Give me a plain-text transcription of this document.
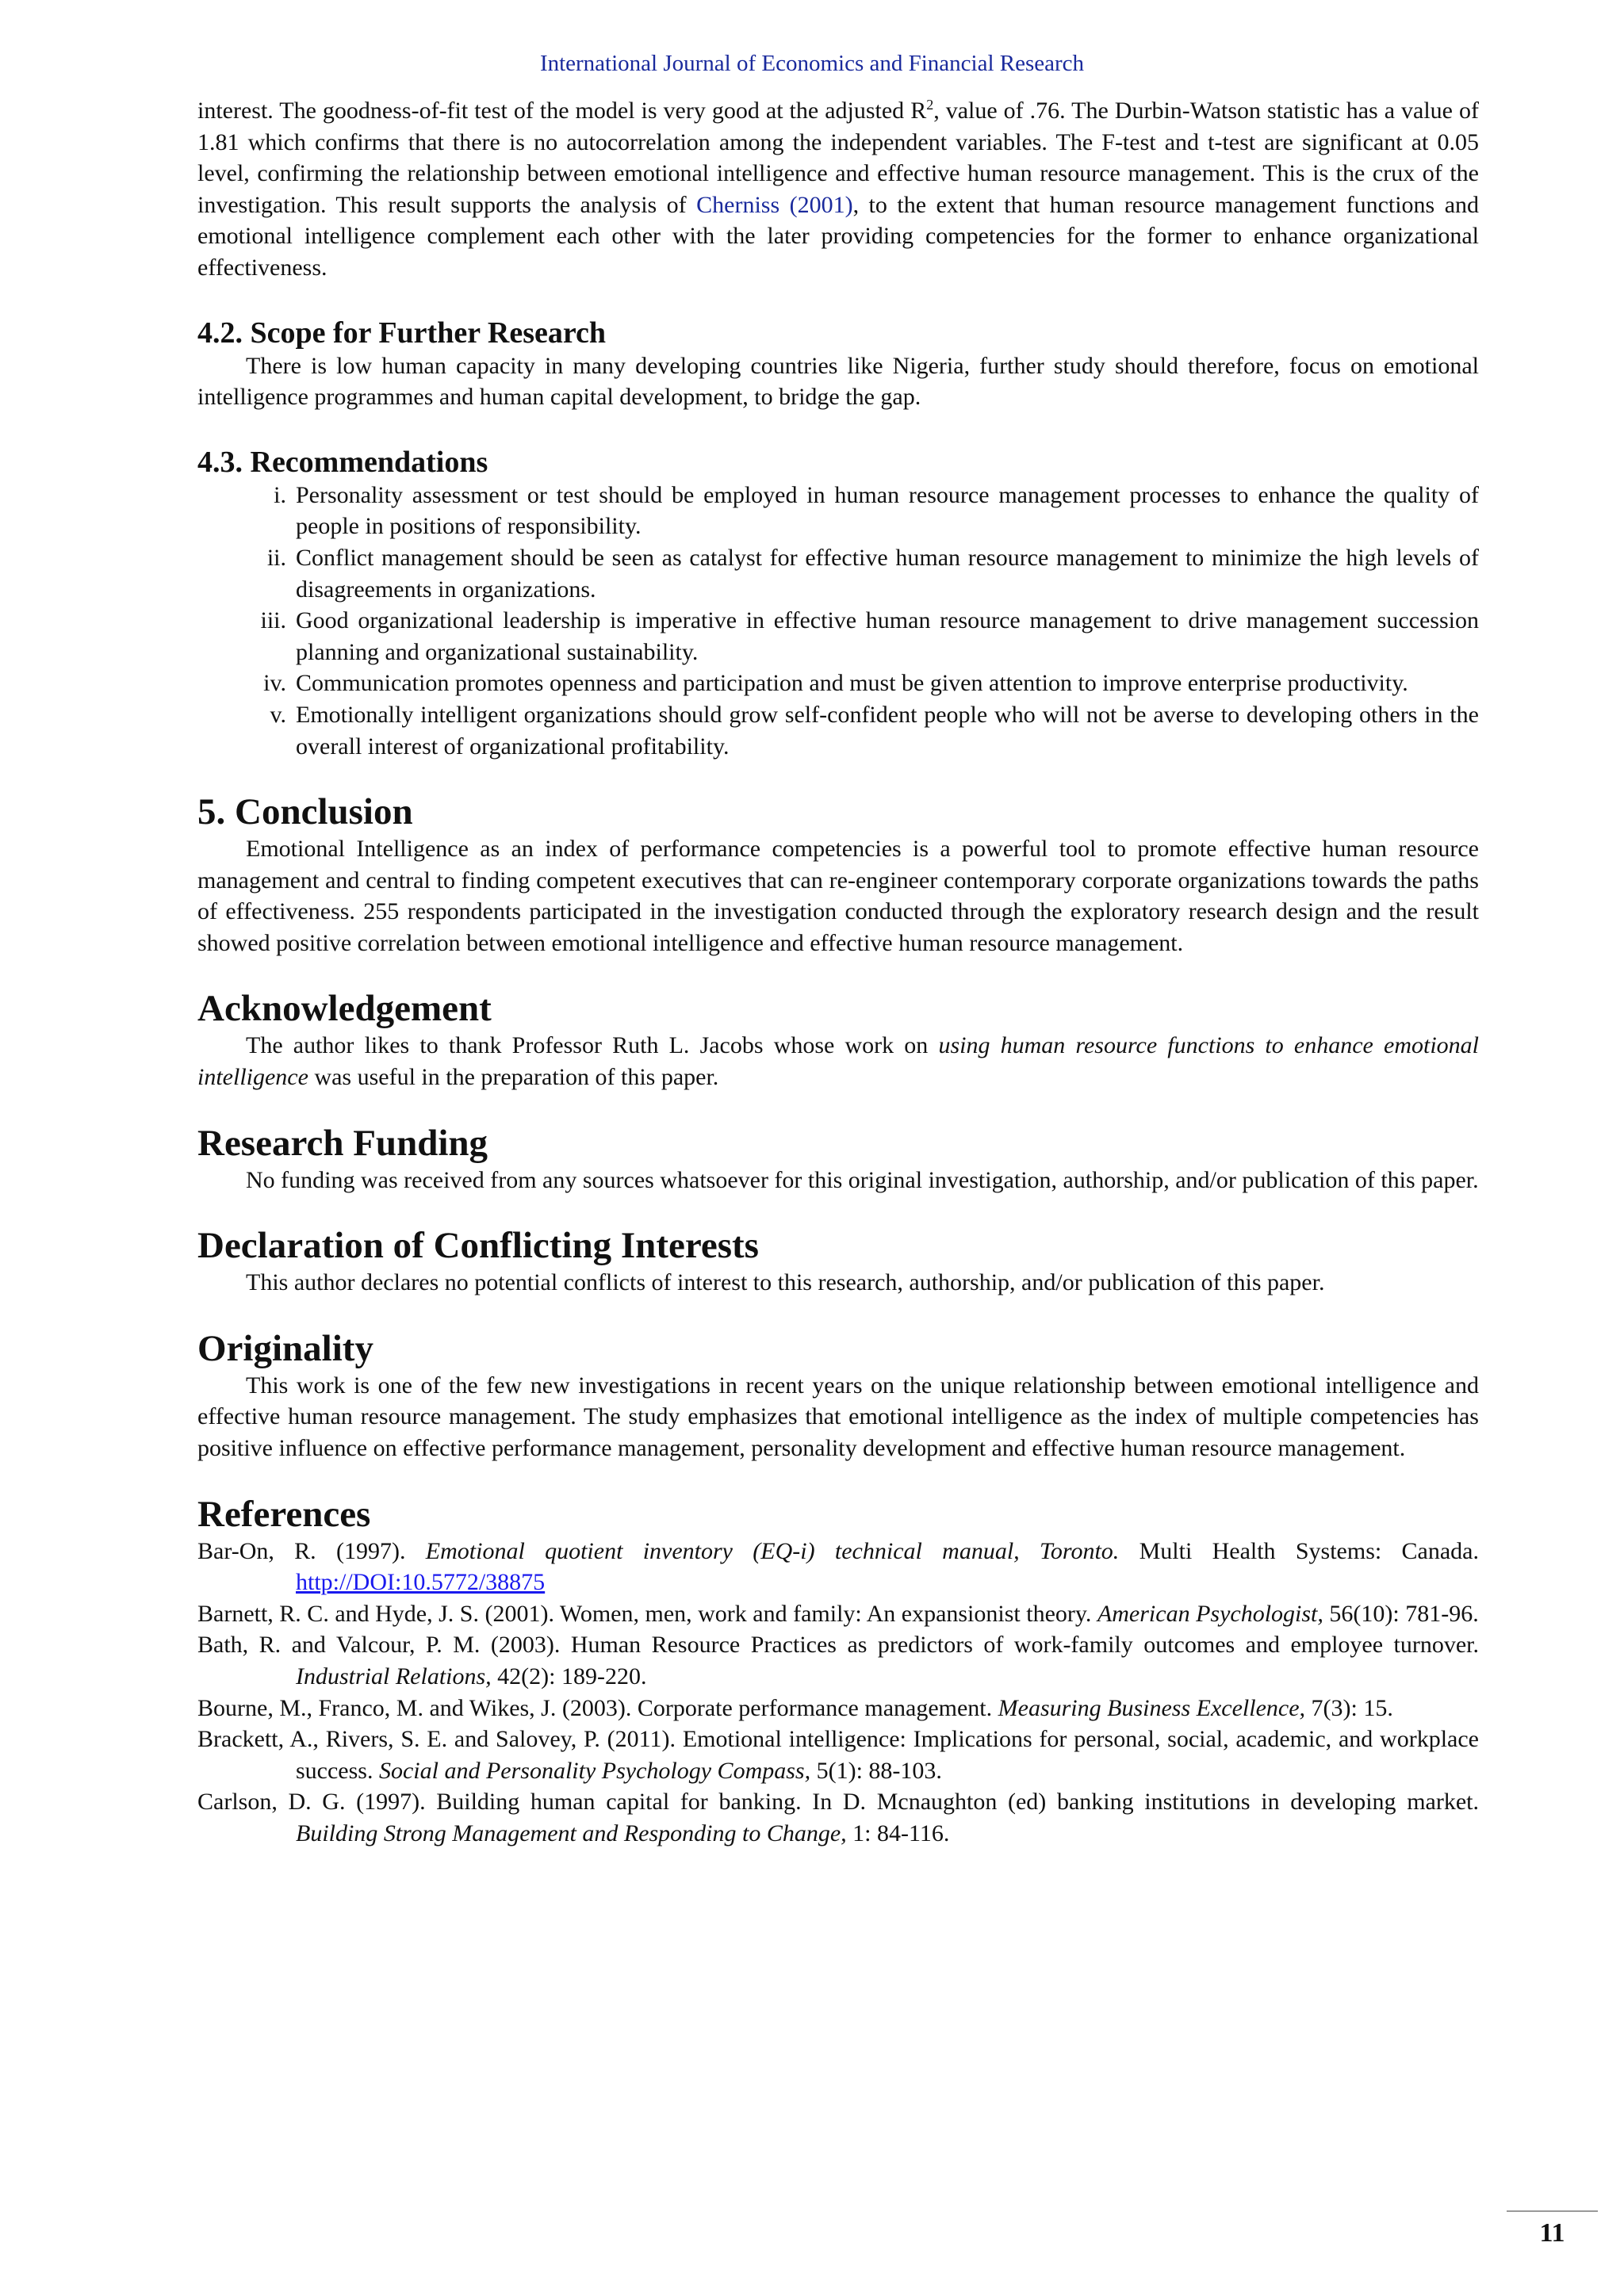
International Journal of Economics and Financial Research

interest. The goodness-of-fit test of the model is very good at the adjusted $R^2$, value of .76. The Durbin-Watson statistic has a value of 1.81 which confirms that there is no autocorrelation among the independent variables. The F-test and t-test are significant at 0.05 level, confirming the relationship between emotional intelligence and effective human resource management. This is the crux of the investigation. This result supports the analysis of Cherniss (2001), to the extent that human resource management functions and emotional intelligence complement each other with the later providing competencies for the former to enhance organizational effectiveness.

4.2. Scope for Further Research

There is low human capacity in many developing countries like Nigeria, further study should therefore, focus on emotional intelligence programmes and human capital development, to bridge the gap.

4.3. Recommendations
i. Personality assessment or test should be employed in human resource management processes to enhance the quality of people in positions of responsibility.
ii. Conflict management should be seen as catalyst for effective human resource management to minimize the high levels of disagreements in organizations.
iii. Good organizational leadership is imperative in effective human resource management to drive management succession planning and organizational sustainability.
iv. Communication promotes openness and participation and must be given attention to improve enterprise productivity.
v. Emotionally intelligent organizations should grow self-confident people who will not be averse to developing others in the overall interest of organizational profitability.
5. Conclusion

Emotional Intelligence as an index of performance competencies is a powerful tool to promote effective human resource management and central to finding competent executives that can re-engineer contemporary corporate organizations towards the paths of effectiveness. 255 respondents participated in the investigation conducted through the exploratory research design and the result showed positive correlation between emotional intelligence and effective human resource management.

Acknowledgement

The author likes to thank Professor Ruth L. Jacobs whose work on using human resource functions to enhance emotional intelligence was useful in the preparation of this paper.

Research Funding

No funding was received from any sources whatsoever for this original investigation, authorship, and/or publication of this paper.

Declaration of Conflicting Interests

This author declares no potential conflicts of interest to this research, authorship, and/or publication of this paper.

Originality

This work is one of the few new investigations in recent years on the unique relationship between emotional intelligence and effective human resource management. The study emphasizes that emotional intelligence as the index of multiple competencies has positive influence on effective performance management, personality development and effective human resource management.

References

Bar-On, R. (1997). Emotional quotient inventory (EQ-i) technical manual, Toronto. Multi Health Systems: Canada. http://DOI:10.5772/38875

Barnett, R. C. and Hyde, J. S. (2001). Women, men, work and family: An expansionist theory. American Psychologist, 56(10): 781-96.

Bath, R. and Valcour, P. M. (2003). Human Resource Practices as predictors of work-family outcomes and employee turnover. Industrial Relations, 42(2): 189-220.

Bourne, M., Franco, M. and Wikes, J. (2003). Corporate performance management. Measuring Business Excellence, 7(3): 15.

Brackett, A., Rivers, S. E. and Salovey, P. (2011). Emotional intelligence: Implications for personal, social, academic, and workplace success. Social and Personality Psychology Compass, 5(1): 88-103.

Carlson, D. G. (1997). Building human capital for banking. In D. Mcnaughton (ed) banking institutions in developing market. Building Strong Management and Responding to Change, 1: 84-116.

11
